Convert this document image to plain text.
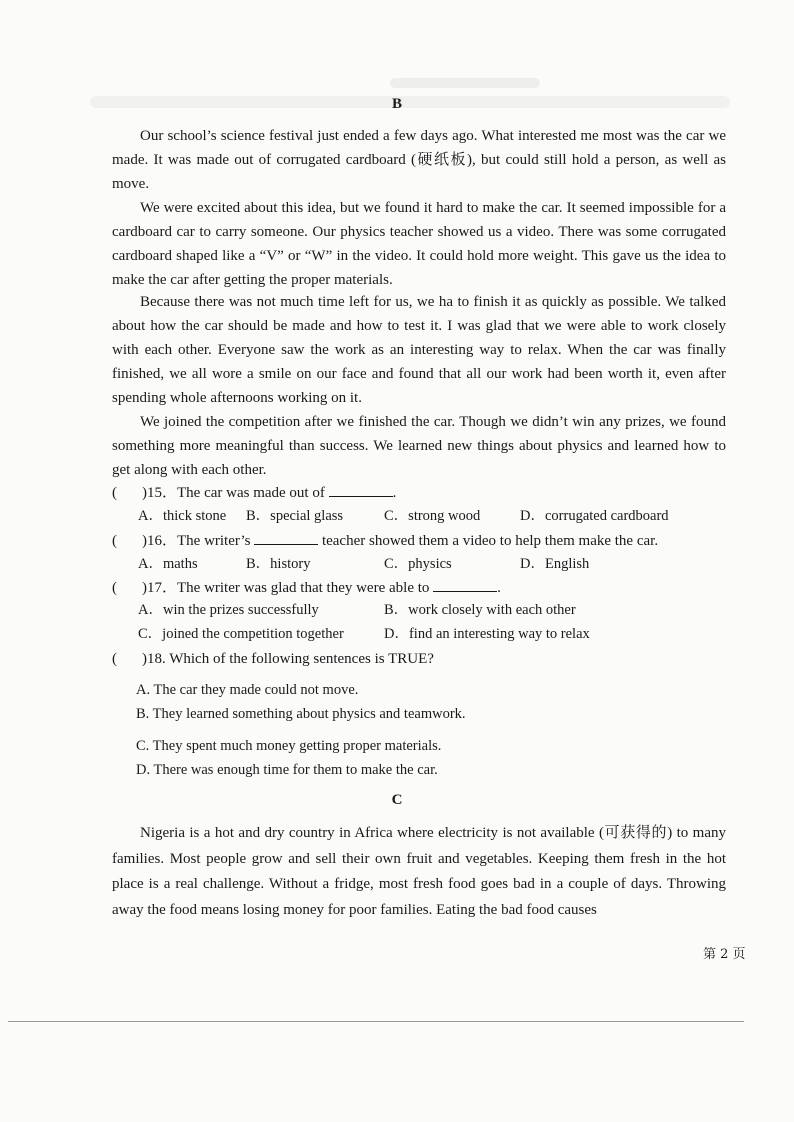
B
Our school’s science festival just ended a few days ago. What interested me most was the car we made. It was made out of corrugated cardboard (硬纸板), but could still hold a person, as well as move.
We were excited about this idea, but we found it hard to make the car. It seemed impossible for a cardboard car to carry someone. Our physics teacher showed us a video. There was some corrugated cardboard shaped like a “V” or “W” in the video. It could hold more weight. This gave us the idea to make the car after getting the proper materials.
Because there was not much time left for us, we ha to finish it as quickly as possible. We talked about how the car should be made and how to test it. I was glad that we were able to work closely with each other. Everyone saw the work as an interesting way to relax. When the car was finally finished, we all wore a smile on our face and found that all our work had been worth it, even after spending whole afternoons working on it.
We joined the competition after we finished the car. Though we didn’t win any prizes, we found something more meaningful than success. We learned new things about physics and learned how to get along with each other.
( )15．The car was made out of	.
A．thick stone B．special glass	C．strong wood	D．corrugated cardboard
( )16．The writer’s	teacher showed them a video to help them make the car.
A．maths	B．history	C．physics	D．English
( )17．The writer was glad that they were able to	.
A．win the prizes successfully	B．work closely with each other
C．joined the competition together	D．find an interesting way to relax
( )18. Which of the following sentences is TRUE?
A. The car they made could not move.
B. They learned something about physics and teamwork.
C. They spent much money getting proper materials.
D. There was enough time for them to make the car.
C
Nigeria is a hot and dry country in Africa where electricity is not available (可获得的) to many families. Most people grow and sell their own fruit and vegetables. Keeping them fresh in the hot place is a real challenge. Without a fridge, most fresh food goes bad in a couple of days. Throwing away the food means losing money for poor families. Eating the bad food causes
第 2 页
